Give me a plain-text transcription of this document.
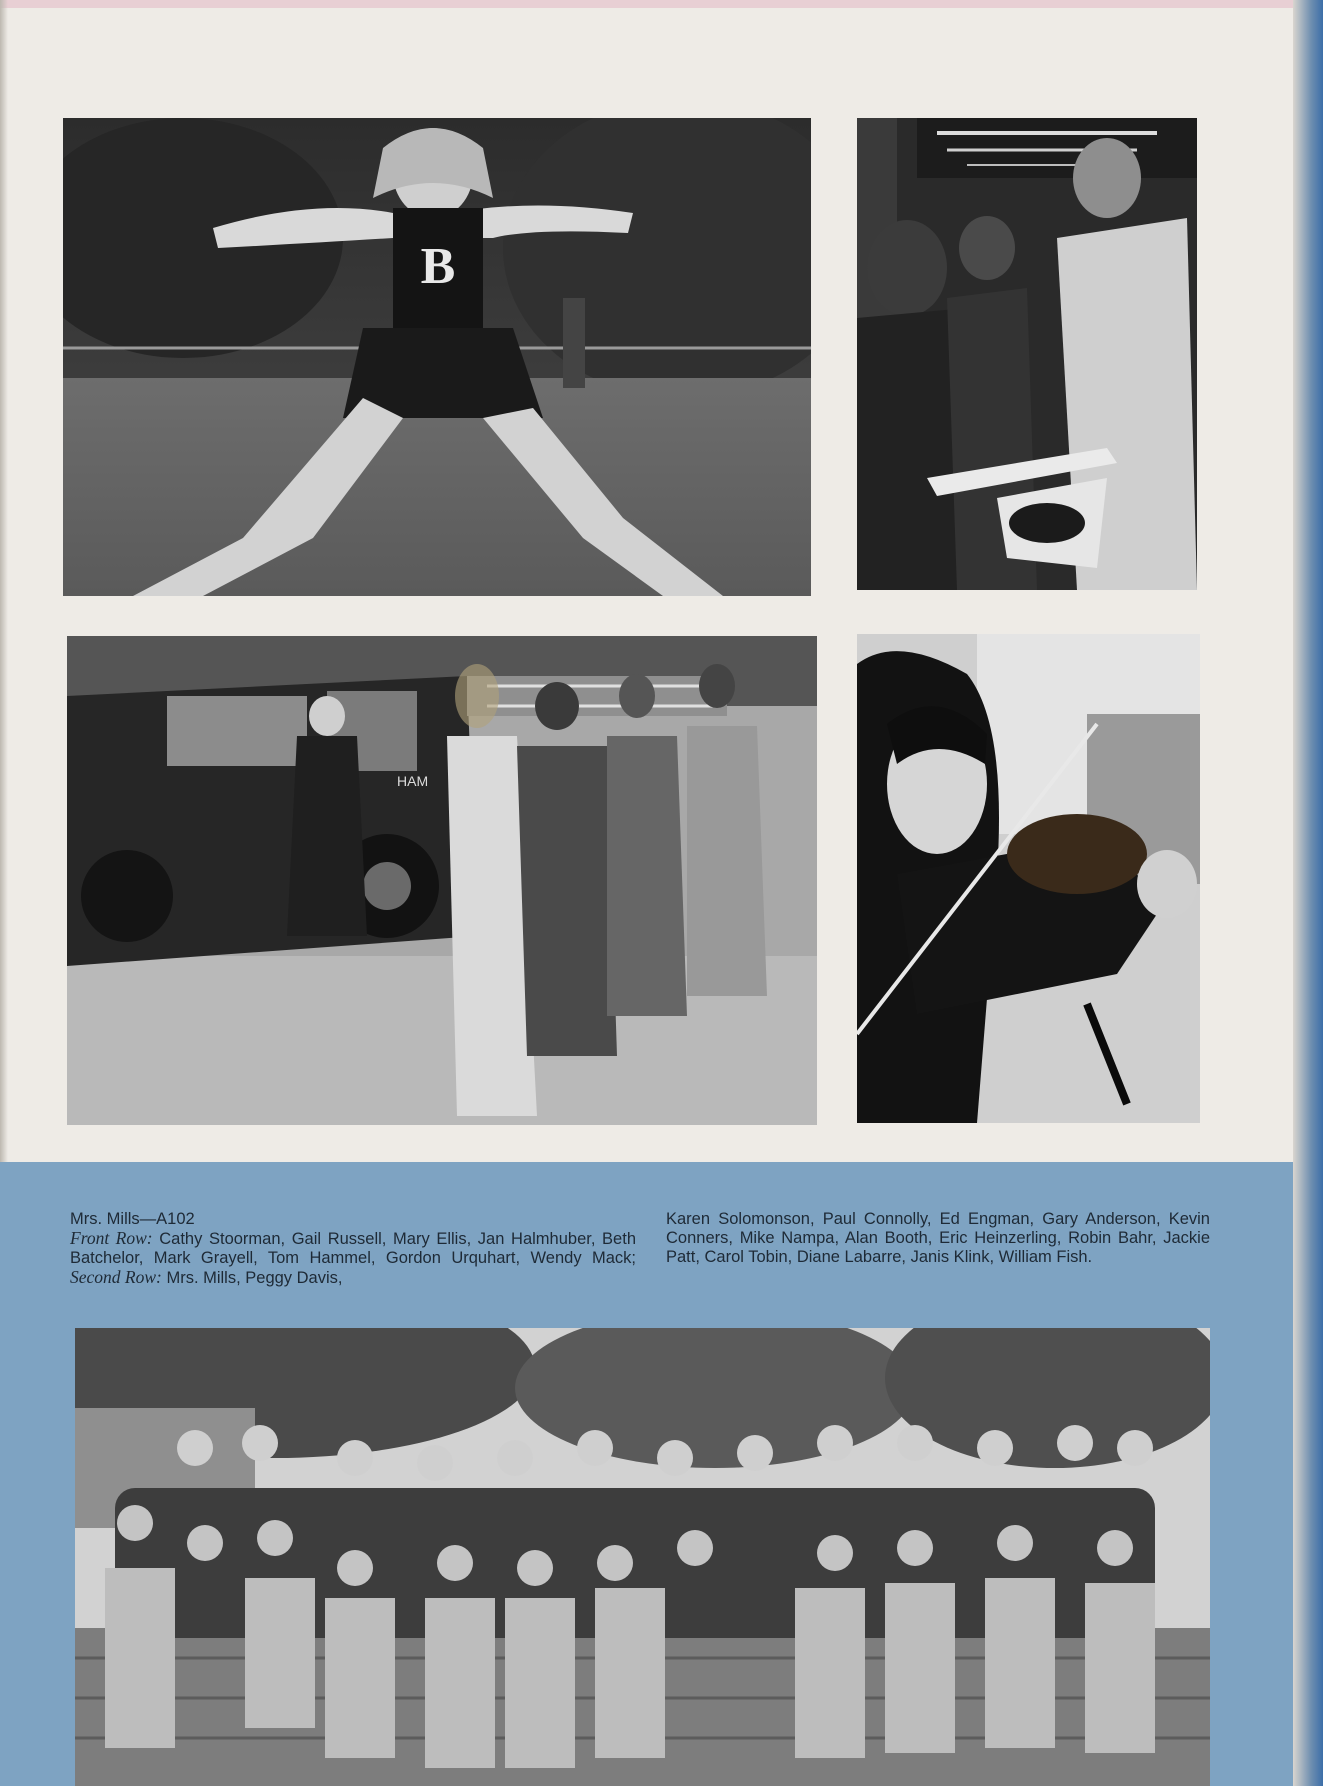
B
HAM
Mrs. Mills—A102
Front Row: Cathy Stoorman, Gail Russell, Mary Ellis, Jan Halmhuber, Beth Batchelor, Mark Grayell, Tom Hammel, Gordon Urquhart, Wendy Mack; Second Row: Mrs. Mills, Peggy Davis,
Karen Solomonson, Paul Connolly, Ed Engman, Gary Anderson, Kevin Conners, Mike Nampa, Alan Booth, Eric Heinzerling, Robin Bahr, Jackie Patt, Carol Tobin, Diane Labarre, Janis Klink, William Fish.
